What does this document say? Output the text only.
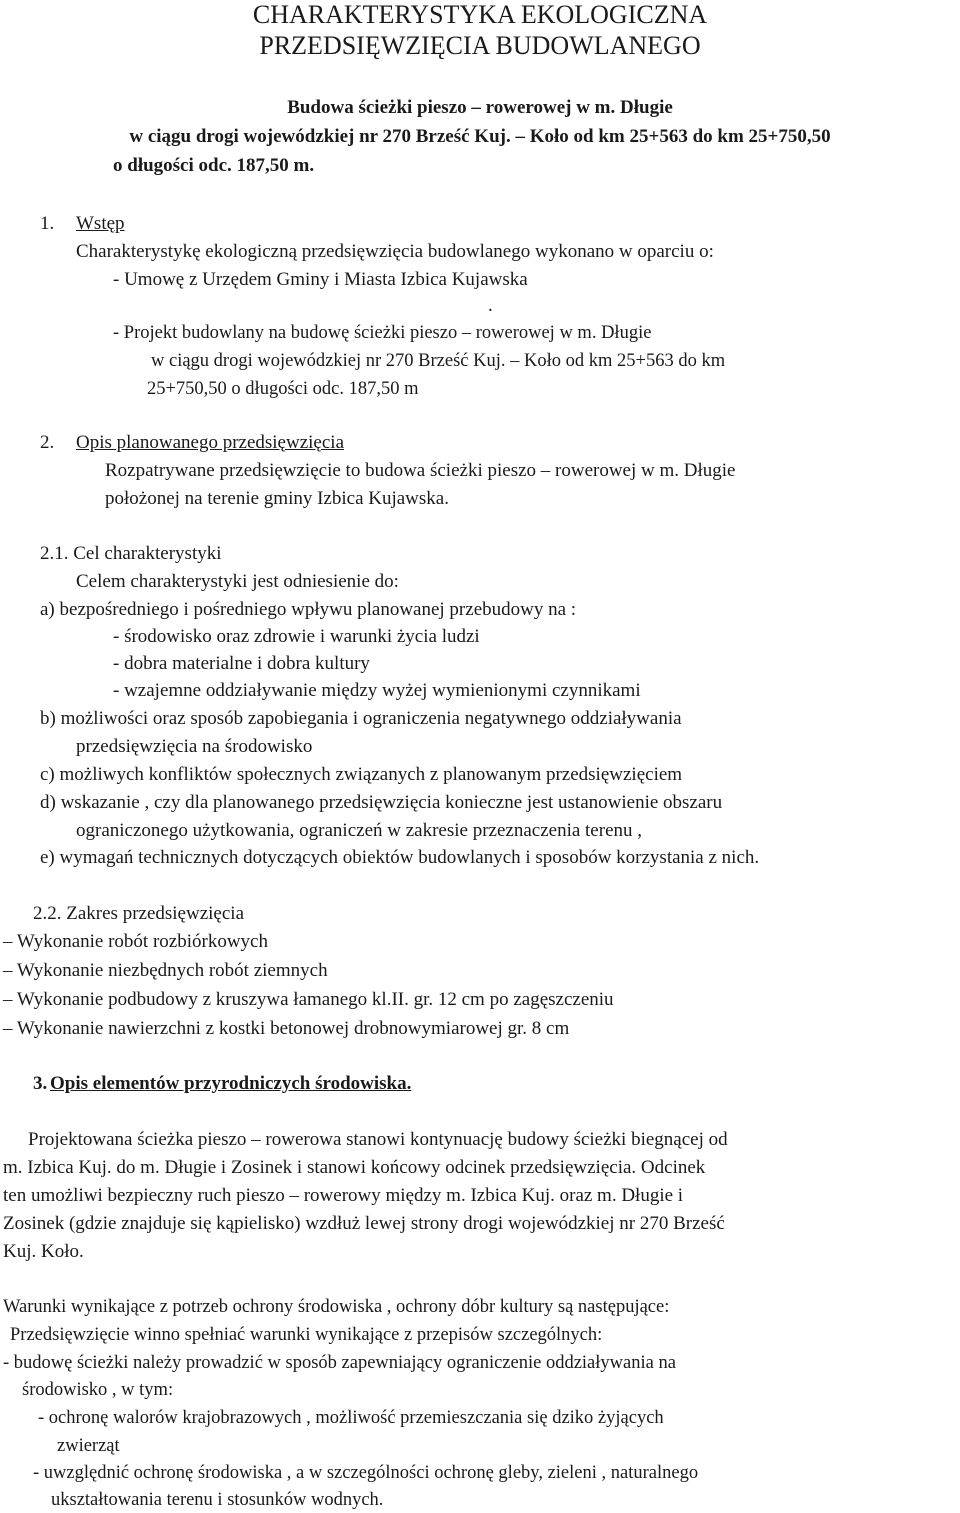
CHARAKTERYSTYKA EKOLOGICZNA
PRZEDSIĘWZIĘCIA BUDOWLANEGO
Budowa ścieżki pieszo – rowerowej w m. Długie
w ciągu drogi wojewódzkiej nr 270 Brześć Kuj. – Koło od km 25+563 do km 25+750,50
o długości odc. 187,50 m.
1. Wstęp
Charakterystykę ekologiczną przedsięwzięcia budowlanego wykonano w oparciu o:
- Umowę z Urzędem Gminy i Miasta Izbica Kujawska
.
- Projekt budowlany na budowę ścieżki pieszo – rowerowej w m. Długie
w ciągu drogi wojewódzkiej nr 270 Brześć Kuj. – Koło od km 25+563 do km
25+750,50 o długości odc. 187,50 m
2. Opis planowanego przedsięwzięcia
Rozpatrywane przedsięwzięcie to budowa ścieżki pieszo – rowerowej w m. Długie
położonej na terenie gminy Izbica Kujawska.
2.1. Cel charakterystyki
Celem charakterystyki jest odniesienie do:
a) bezpośredniego i pośredniego wpływu planowanej przebudowy na :
- środowisko oraz zdrowie i warunki życia ludzi
- dobra materialne i dobra kultury
- wzajemne oddziaływanie między wyżej wymienionymi czynnikami
b) możliwości oraz sposób zapobiegania i ograniczenia negatywnego oddziaływania
przedsięwzięcia na środowisko
c) możliwych konfliktów społecznych związanych z planowanym przedsięwzięciem
d) wskazanie , czy dla planowanego przedsięwzięcia konieczne jest ustanowienie obszaru
ograniczonego użytkowania, ograniczeń w zakresie przeznaczenia terenu ,
e) wymagań technicznych dotyczących obiektów budowlanych i sposobów korzystania z nich.
2.2. Zakres przedsięwzięcia
– Wykonanie robót rozbiórkowych
– Wykonanie niezbędnych robót ziemnych
– Wykonanie podbudowy z kruszywa łamanego kl.II. gr. 12 cm po zagęszczeniu
– Wykonanie nawierzchni z kostki betonowej drobnowymiarowej gr. 8 cm
3. Opis elementów przyrodniczych środowiska.
Projektowana ścieżka pieszo – rowerowa stanowi kontynuację budowy ścieżki biegnącej od
m. Izbica Kuj. do m. Długie i Zosinek i stanowi końcowy odcinek przedsięwzięcia. Odcinek
ten umożliwi bezpieczny ruch pieszo – rowerowy między m. Izbica Kuj. oraz m. Długie i
Zosinek (gdzie znajduje się kąpielisko) wzdłuż lewej strony drogi wojewódzkiej nr 270 Brześć
Kuj. Koło.
Warunki wynikające z potrzeb ochrony środowiska , ochrony dóbr kultury są następujące:
Przedsięwzięcie winno spełniać warunki wynikające z przepisów szczególnych:
- budowę ścieżki należy prowadzić w sposób zapewniający ograniczenie oddziaływania na
środowisko , w tym:
- ochronę walorów krajobrazowych , możliwość przemieszczania się dziko żyjących
zwierząt
- uwzględnić ochronę środowiska , a w szczególności ochronę gleby, zieleni , naturalnego
ukształtowania terenu i stosunków wodnych.
